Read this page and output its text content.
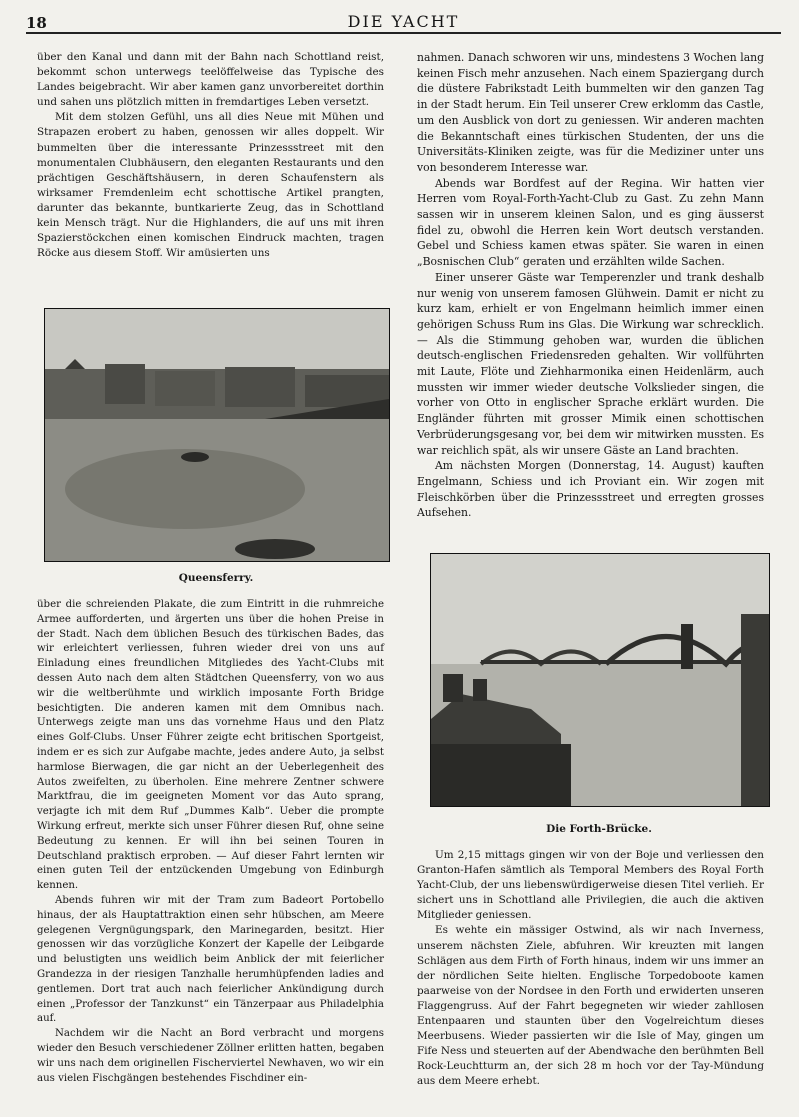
18	DIE YACHT

über den Kanal und dann mit der Bahn nach Schottland reist, bekommt schon unterwegs teelöffelweise das Typische des Landes beigebracht. Wir aber kamen ganz unvorbereitet dorthin und sahen uns plötzlich mitten in fremdartiges Leben versetzt.

Mit dem stolzen Gefühl, uns all dies Neue mit Mühen und Strapazen erobert zu haben, genossen wir alles doppelt. Wir bummelten über die interessante Prinzessstreet mit den monumentalen Clubhäusern, den eleganten Restaurants und den prächtigen Geschäftshäusern, in deren Schaufenstern als wirksamer Fremdenleim echt schottische Artikel prangten, darunter das bekannte, buntkarierte Zeug, das in Schottland kein Mensch trägt. Nur die Highlanders, die auf uns mit ihren Spazierstöckchen einen komischen Eindruck machten, tragen Röcke aus diesem Stoff. Wir amüsierten uns

Queensferry.

über die schreienden Plakate, die zum Eintritt in die ruhmreiche Armee aufforderten, und ärgerten uns über die hohen Preise in der Stadt. Nach dem üblichen Besuch des türkischen Bades, das wir erleichtert verliessen, fuhren wieder drei von uns auf Einladung eines freundlichen Mitgliedes des Yacht-Clubs mit dessen Auto nach dem alten Städtchen Queensferry, von wo aus wir die weltberühmte und wirklich imposante Forth Bridge besichtigten. Die anderen kamen mit dem Omnibus nach. Unterwegs zeigte man uns das vornehme Haus und den Platz eines Golf-Clubs. Unser Führer zeigte echt britischen Sportgeist, indem er es sich zur Aufgabe machte, jedes andere Auto, ja selbst harmlose Bierwagen, die gar nicht an der Ueberlegenheit des Autos zweifelten, zu überholen. Eine mehrere Zentner schwere Marktfrau, die im geeigneten Moment vor das Auto sprang, verjagte ich mit dem Ruf „Dummes Kalb“. Ueber die prompte Wirkung erfreut, merkte sich unser Führer diesen Ruf, ohne seine Bedeutung zu kennen. Er will ihn bei seinen Touren in Deutschland praktisch erproben. — Auf dieser Fahrt lernten wir einen guten Teil der entzückenden Umgebung von Edinburgh kennen.

Abends fuhren wir mit der Tram zum Badeort Portobello hinaus, der als Hauptattraktion einen sehr hübschen, am Meere gelegenen Vergnügungspark, den Marinegarden, besitzt. Hier genossen wir das vorzügliche Konzert der Kapelle der Leibgarde und belustigten uns weidlich beim Anblick der mit feierlicher Grandezza in der riesigen Tanzhalle herumhüpfenden ladies and gentlemen. Dort trat auch nach feierlicher Ankündigung durch einen „Professor der Tanzkunst“ ein Tänzerpaar aus Philadelphia auf.

Nachdem wir die Nacht an Bord verbracht und morgens wieder den Besuch verschiedener Zöllner erlitten hatten, begaben wir uns nach dem originellen Fischerviertel Newhaven, wo wir ein aus vielen Fischgängen bestehendes Fischdiner ein-

nahmen. Danach schworen wir uns, mindestens 3 Wochen lang keinen Fisch mehr anzusehen. Nach einem Spaziergang durch die düstere Fabrikstadt Leith bummelten wir den ganzen Tag in der Stadt herum. Ein Teil unserer Crew erklomm das Castle, um den Ausblick von dort zu geniessen. Wir anderen machten die Bekanntschaft eines türkischen Studenten, der uns die Universitäts-Kliniken zeigte, was für die Mediziner unter uns von besonderem Interesse war.

Abends war Bordfest auf der Regina. Wir hatten vier Herren vom Royal-Forth-Yacht-Club zu Gast. Zu zehn Mann sassen wir in unserem kleinen Salon, und es ging äusserst fidel zu, obwohl die Herren kein Wort deutsch verstanden. Gebel und Schiess kamen etwas später. Sie waren in einen „Bosnischen Club“ geraten und erzählten wilde Sachen.

Einer unserer Gäste war Temperenzler und trank deshalb nur wenig von unserem famosen Glühwein. Damit er nicht zu kurz kam, erhielt er von Engelmann heimlich immer einen gehörigen Schuss Rum ins Glas. Die Wirkung war schrecklich. — Als die Stimmung gehoben war, wurden die üblichen deutsch-englischen Friedensreden gehalten. Wir vollführten mit Laute, Flöte und Ziehharmonika einen Heidenlärm, auch mussten wir immer wieder deutsche Volkslieder singen, die vorher von Otto in englischer Sprache erklärt wurden. Die Engländer führten mit grosser Mimik einen schottischen Verbrüderungsgesang vor, bei dem wir mitwirken mussten. Es war reichlich spät, als wir unsere Gäste an Land brachten.

Am nächsten Morgen (Donnerstag, 14. August) kauften Engelmann, Schiess und ich Proviant ein. Wir zogen mit Fleischkörben über die Prinzessstreet und erregten grosses Aufsehen.

Die Forth-Brücke.

Um 2,15 mittags gingen wir von der Boje und verliessen den Granton-Hafen sämtlich als Temporal Members des Royal Forth Yacht-Club, der uns liebenswürdigerweise diesen Titel verlieh. Er sichert uns in Schottland alle Privilegien, die auch die aktiven Mitglieder geniessen.

Es wehte ein mässiger Ostwind, als wir nach Inverness, unserem nächsten Ziele, abfuhren. Wir kreuzten mit langen Schlägen aus dem Firth of Forth hinaus, indem wir uns immer an der nördlichen Seite hielten. Englische Torpedoboote kamen paarweise von der Nordsee in den Forth und erwiderten unseren Flaggengruss. Auf der Fahrt begegneten wir wieder zahllosen Entenpaaren und staunten über den Vogelreichtum dieses Meerbusens. Wieder passierten wir die Isle of May, gingen um Fife Ness und steuerten auf der Abendwache den berühmten Bell Rock-Leuchtturm an, der sich 28 m hoch vor der Tay-Mündung aus dem Meere erhebt.
